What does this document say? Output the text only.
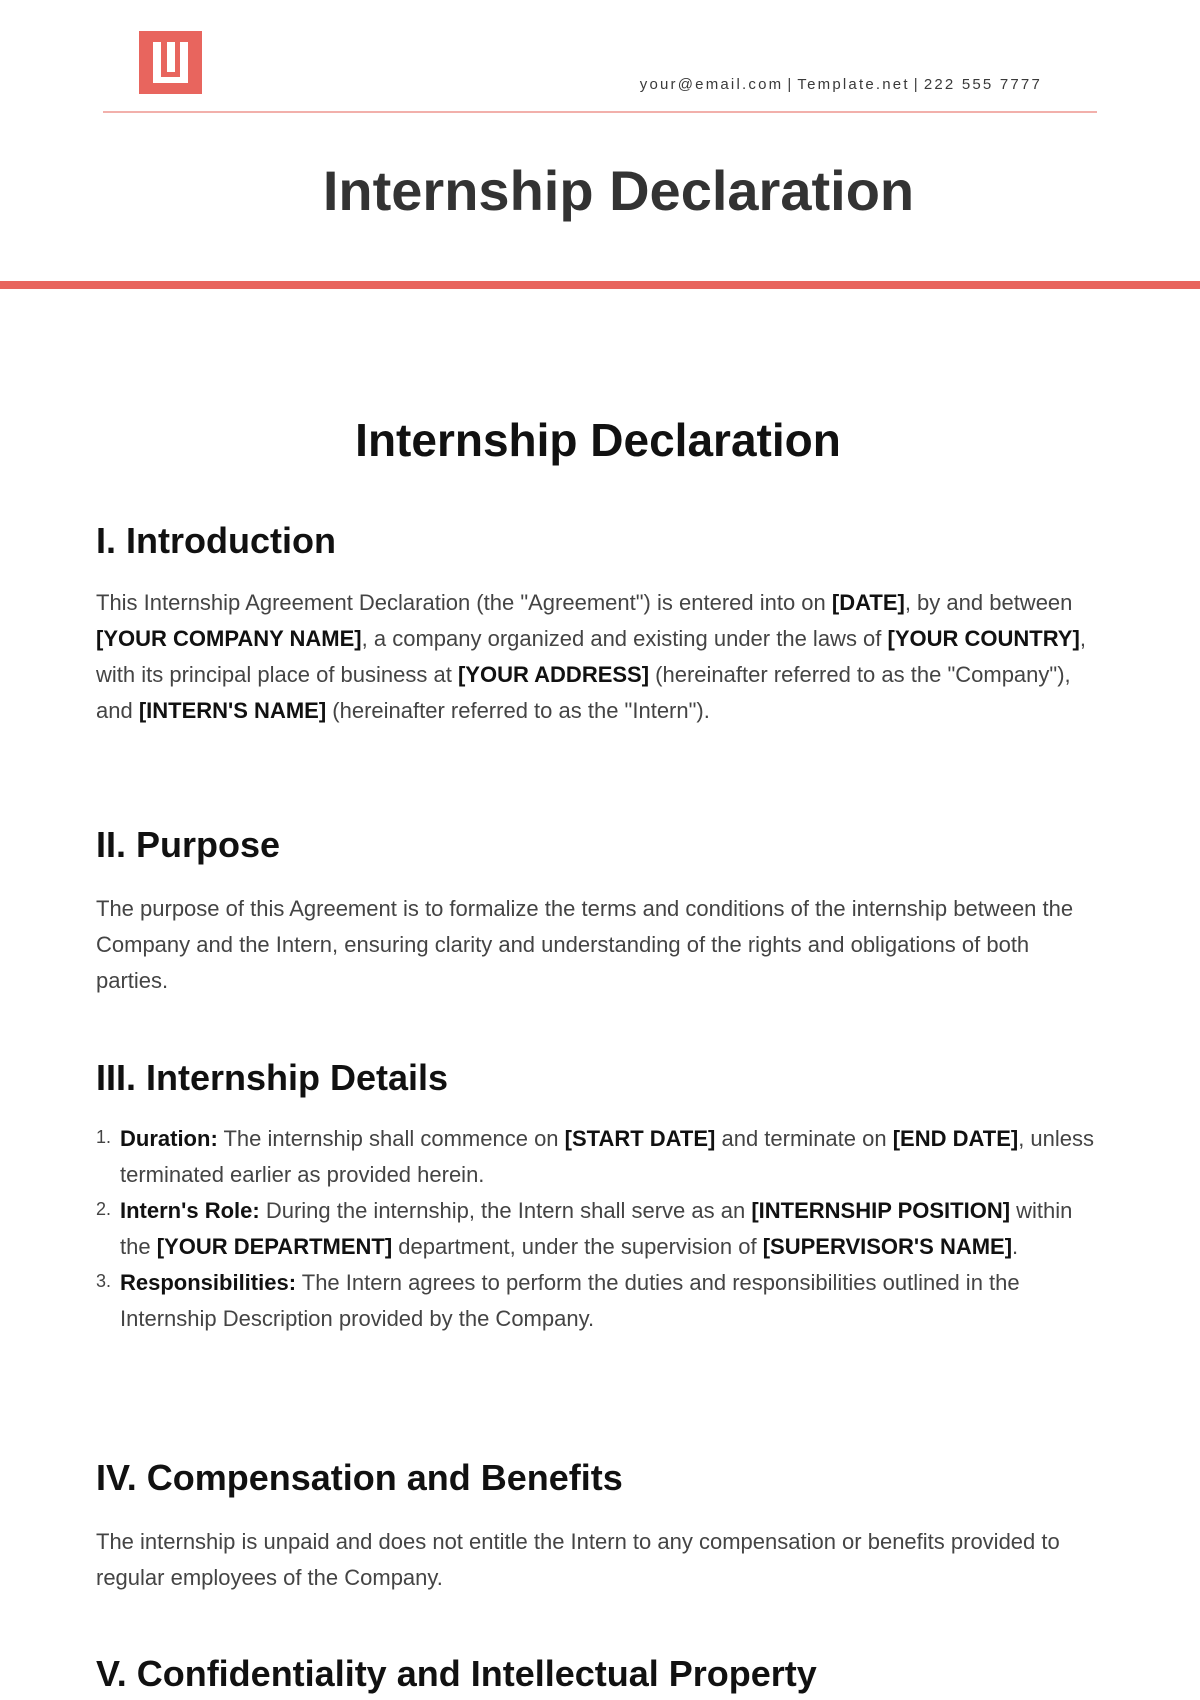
your@email.com | Template.net | 222 555 7777
Internship Declaration
Internship Declaration
I. Introduction

This Internship Agreement Declaration (the "Agreement") is entered into on [DATE], by and between [YOUR COMPANY NAME], a company organized and existing under the laws of [YOUR COUNTRY], with its principal place of business at [YOUR ADDRESS] (hereinafter referred to as the "Company"), and [INTERN'S NAME] (hereinafter referred to as the "Intern").

II. Purpose

The purpose of this Agreement is to formalize the terms and conditions of the internship between the Company and the Intern, ensuring clarity and understanding of the rights and obligations of both parties.

III. Internship Details
1. Duration: The internship shall commence on [START DATE] and terminate on [END DATE], unless terminated earlier as provided herein.
2. Intern's Role: During the internship, the Intern shall serve as an [INTERNSHIP POSITION] within the [YOUR DEPARTMENT] department, under the supervision of [SUPERVISOR'S NAME].
3. Responsibilities: The Intern agrees to perform the duties and responsibilities outlined in the Internship Description provided by the Company.
IV. Compensation and Benefits

The internship is unpaid and does not entitle the Intern to any compensation or benefits provided to regular employees of the Company.

V. Confidentiality and Intellectual Property
